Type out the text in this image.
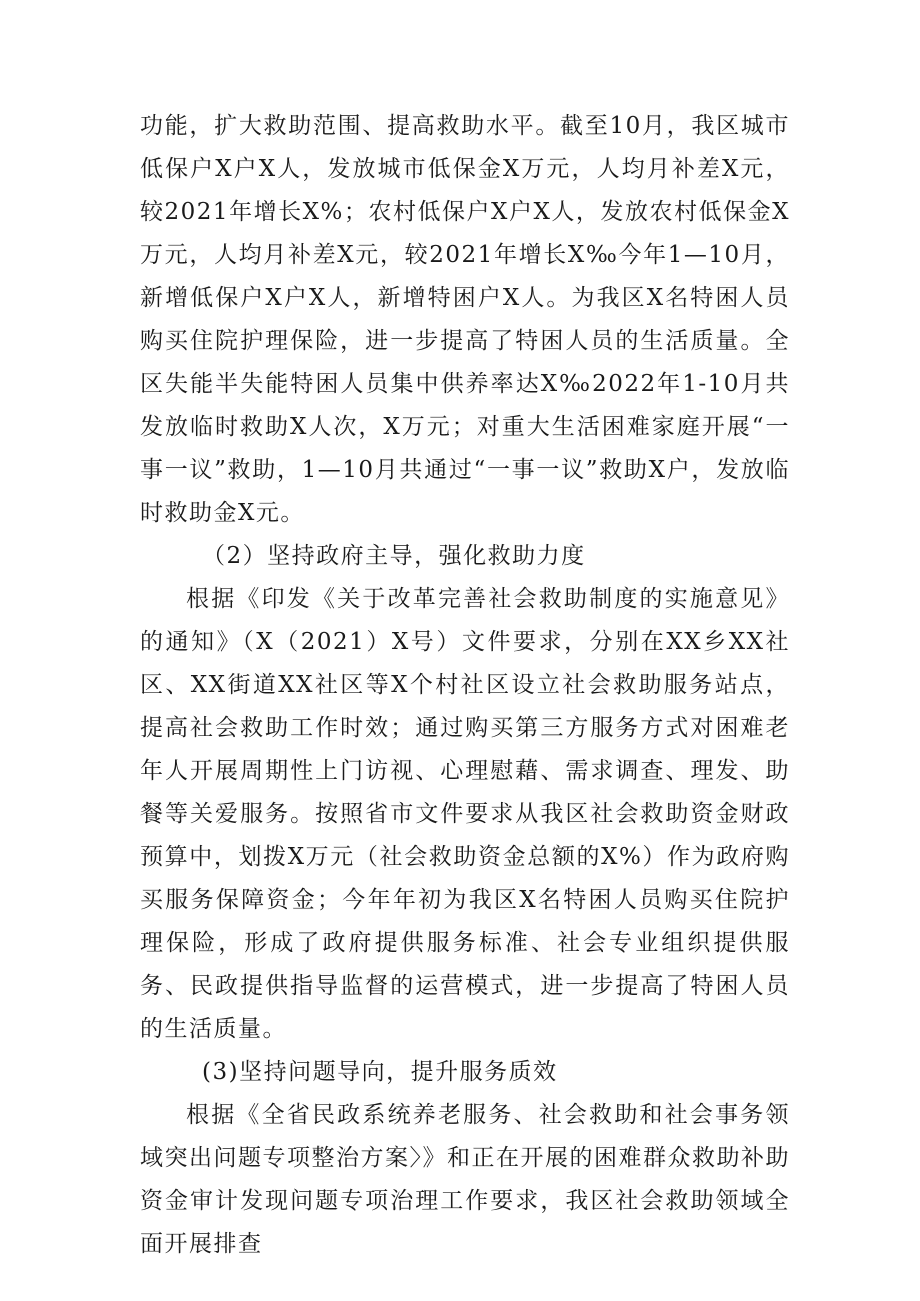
功能，扩大救助范围、提高救助水平。截至10月，我区城市低保户X户X人，发放城市低保金X万元，人均月补差X元，较2021年增长X%；农村低保户X户X人，发放农村低保金X万元，人均月补差X元，较2021年增长X‰今年1—10月，新增低保户X户X人，新增特困户X人。为我区X名特困人员购买住院护理保险，进一步提高了特困人员的生活质量。全区失能半失能特困人员集中供养率达X‰2022年1-10月共发放临时救助X人次，X万元；对重大生活困难家庭开展“一事一议”救助，1—10月共通过“一事一议”救助X户，发放临时救助金X元。

（2）坚持政府主导，强化救助力度

根据《印发《关于改革完善社会救助制度的实施意见》的通知》（X（2021）X号）文件要求，分别在XX乡XX社区、XX街道XX社区等X个村社区设立社会救助服务站点，提高社会救助工作时效；通过购买第三方服务方式对困难老年人开展周期性上门访视、心理慰藉、需求调查、理发、助餐等关爱服务。按照省市文件要求从我区社会救助资金财政预算中，划拨X万元（社会救助资金总额的X%）作为政府购买服务保障资金；今年年初为我区X名特困人员购买住院护理保险，形成了政府提供服务标准、社会专业组织提供服务、民政提供指导监督的运营模式，进一步提高了特困人员的生活质量。

(3)坚持问题导向，提升服务质效

根据《全省民政系统养老服务、社会救助和社会事务领域突出问题专项整治方案〉》和正在开展的困难群众救助补助资金审计发现问题专项治理工作要求，我区社会救助领域全面开展排查
